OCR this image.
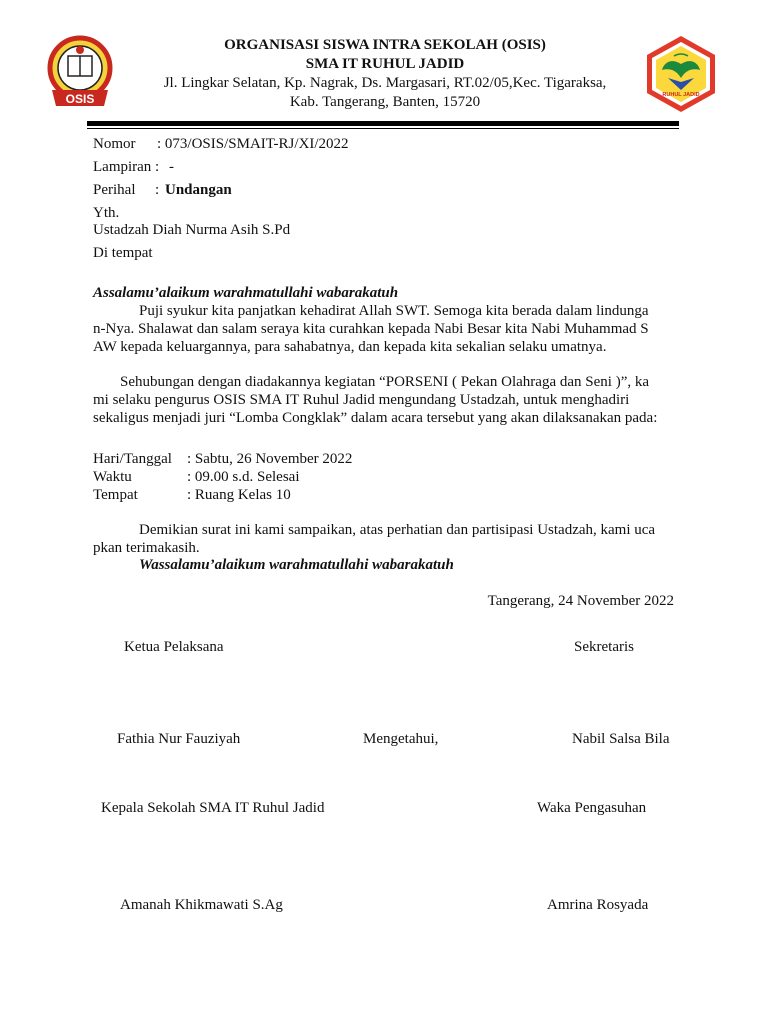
OSIS	RUHUL JADID
ORGANISASI SISWA INTRA SEKOLAH (OSIS)
SMA IT RUHUL JADID
Jl. Lingkar Selatan, Kp. Nagrak, Ds. Margasari, RT.02/05,Kec. Tigaraksa,
Kab. Tangerang, Banten, 15720
Nomor : 073/OSIS/SMAIT-RJ/XI/2022
Lampiran : -
Perihal : Undangan
Yth.
Ustadzah Diah Nurma Asih S.Pd
Di tempat
Assalamu’alaikum warahmatullahi wabarakatuh
Puji syukur kita panjatkan kehadirat Allah SWT. Semoga kita berada dalam lindunga
n-Nya. Shalawat dan salam seraya kita curahkan kepada Nabi Besar kita Nabi Muhammad S
AW kepada keluargannya, para sahabatnya, dan kepada kita sekalian selaku umatnya.
Sehubungan dengan diadakannya kegiatan “PORSENI ( Pekan Olahraga dan Seni )”, ka
mi selaku pengurus OSIS SMA IT Ruhul Jadid mengundang Ustadzah, untuk menghadiri
sekaligus menjadi juri “Lomba Congklak” dalam acara tersebut yang akan dilaksanakan pada:
Hari/Tanggal : Sabtu, 26 November 2022
Waktu	: 09.00 s.d. Selesai
Tempat	: Ruang Kelas 10
Demikian surat ini kami sampaikan, atas perhatian dan partisipasi Ustadzah, kami uca
pkan terimakasih.
Wassalamu’alaikum warahmatullahi wabarakatuh
Tangerang, 24 November 2022
Ketua Pelaksana	Sekretaris
Fathia Nur Fauziyah	Mengetahui,	Nabil Salsa Bila
Kepala Sekolah SMA IT Ruhul Jadid	Waka Pengasuhan
Amanah Khikmawati S.Ag	Amrina Rosyada
